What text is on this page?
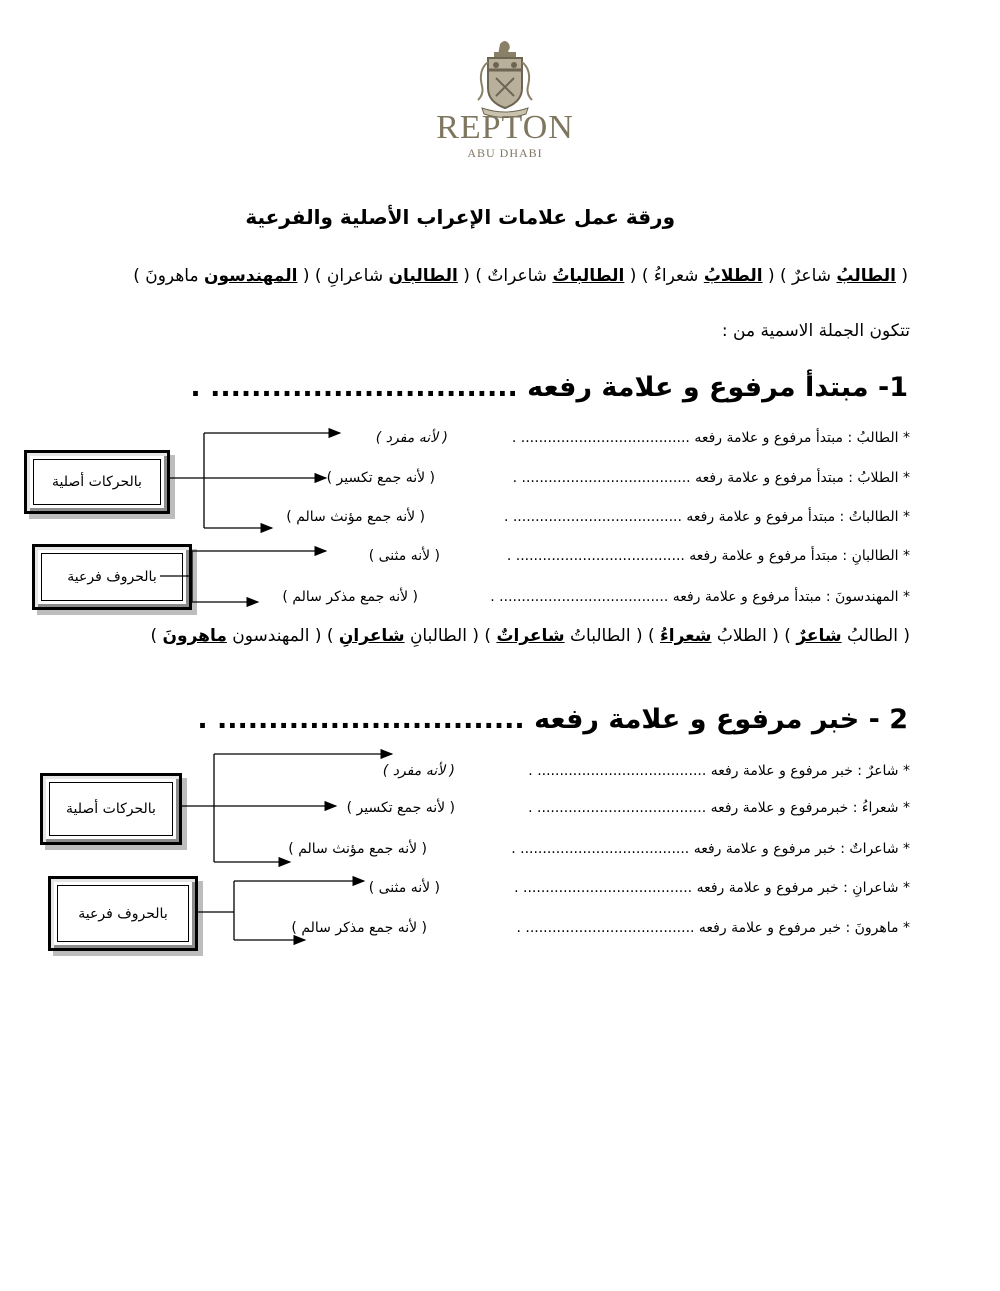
REPTON
ABU DHABI
ورقة عمل علامات الإعراب الأصلية والفرعية
( الطالبُ شاعرٌ ) ( الطلابُ شعراءُ ) ( الطالباتُ شاعراتٌ ) ( الطالبان شاعرانِ ) ( المهندسون ماهرونَ )
تتكون الجملة الاسمية من :
1- مبتدأ مرفوع و علامة رفعه .............................. .
* الطالبُ : مبتدأ مرفوع و علامة رفعه ...................................... .
( لأنه مفرد )
* الطلابُ : مبتدأ مرفوع و علامة رفعه ...................................... .
( لأنه جمع تكسير )
* الطالباتُ : مبتدأ مرفوع و علامة رفعه ...................................... .
( لأنه جمع مؤنث سالم )
* الطالبانِ : مبتدأ مرفوع و علامة رفعه ...................................... .
( لأنه مثنى )
* المهندسونَ : مبتدأ مرفوع و علامة رفعه ...................................... .
( لأنه جمع مذكر سالم )
بالحركات أصلية
بالحروف فرعية
( الطالبُ شاعرٌ ) ( الطلابُ شعراءُ ) ( الطالباتُ شاعراتٌ ) ( الطالبانِ شاعرانِ ) ( المهندسون ماهرونَ )
2 - خبر مرفوع و علامة رفعه .............................. .
* شاعرٌ : خبر مرفوع و علامة رفعه ...................................... .
( لأنه مفرد )
* شعراءُ : خبرمرفوع و علامة رفعه ...................................... .
( لأنه جمع تكسير )
* شاعراتٌ : خبر مرفوع و علامة رفعه ...................................... .
( لأنه جمع مؤنث سالم )
* شاعرانِ : خبر مرفوع و علامة رفعه ...................................... .
( لأنه مثنى )
* ماهرونَ : خبر مرفوع و علامة رفعه ...................................... .
( لأنه جمع مذكر سالم )
بالحركات أصلية
بالحروف فرعية
